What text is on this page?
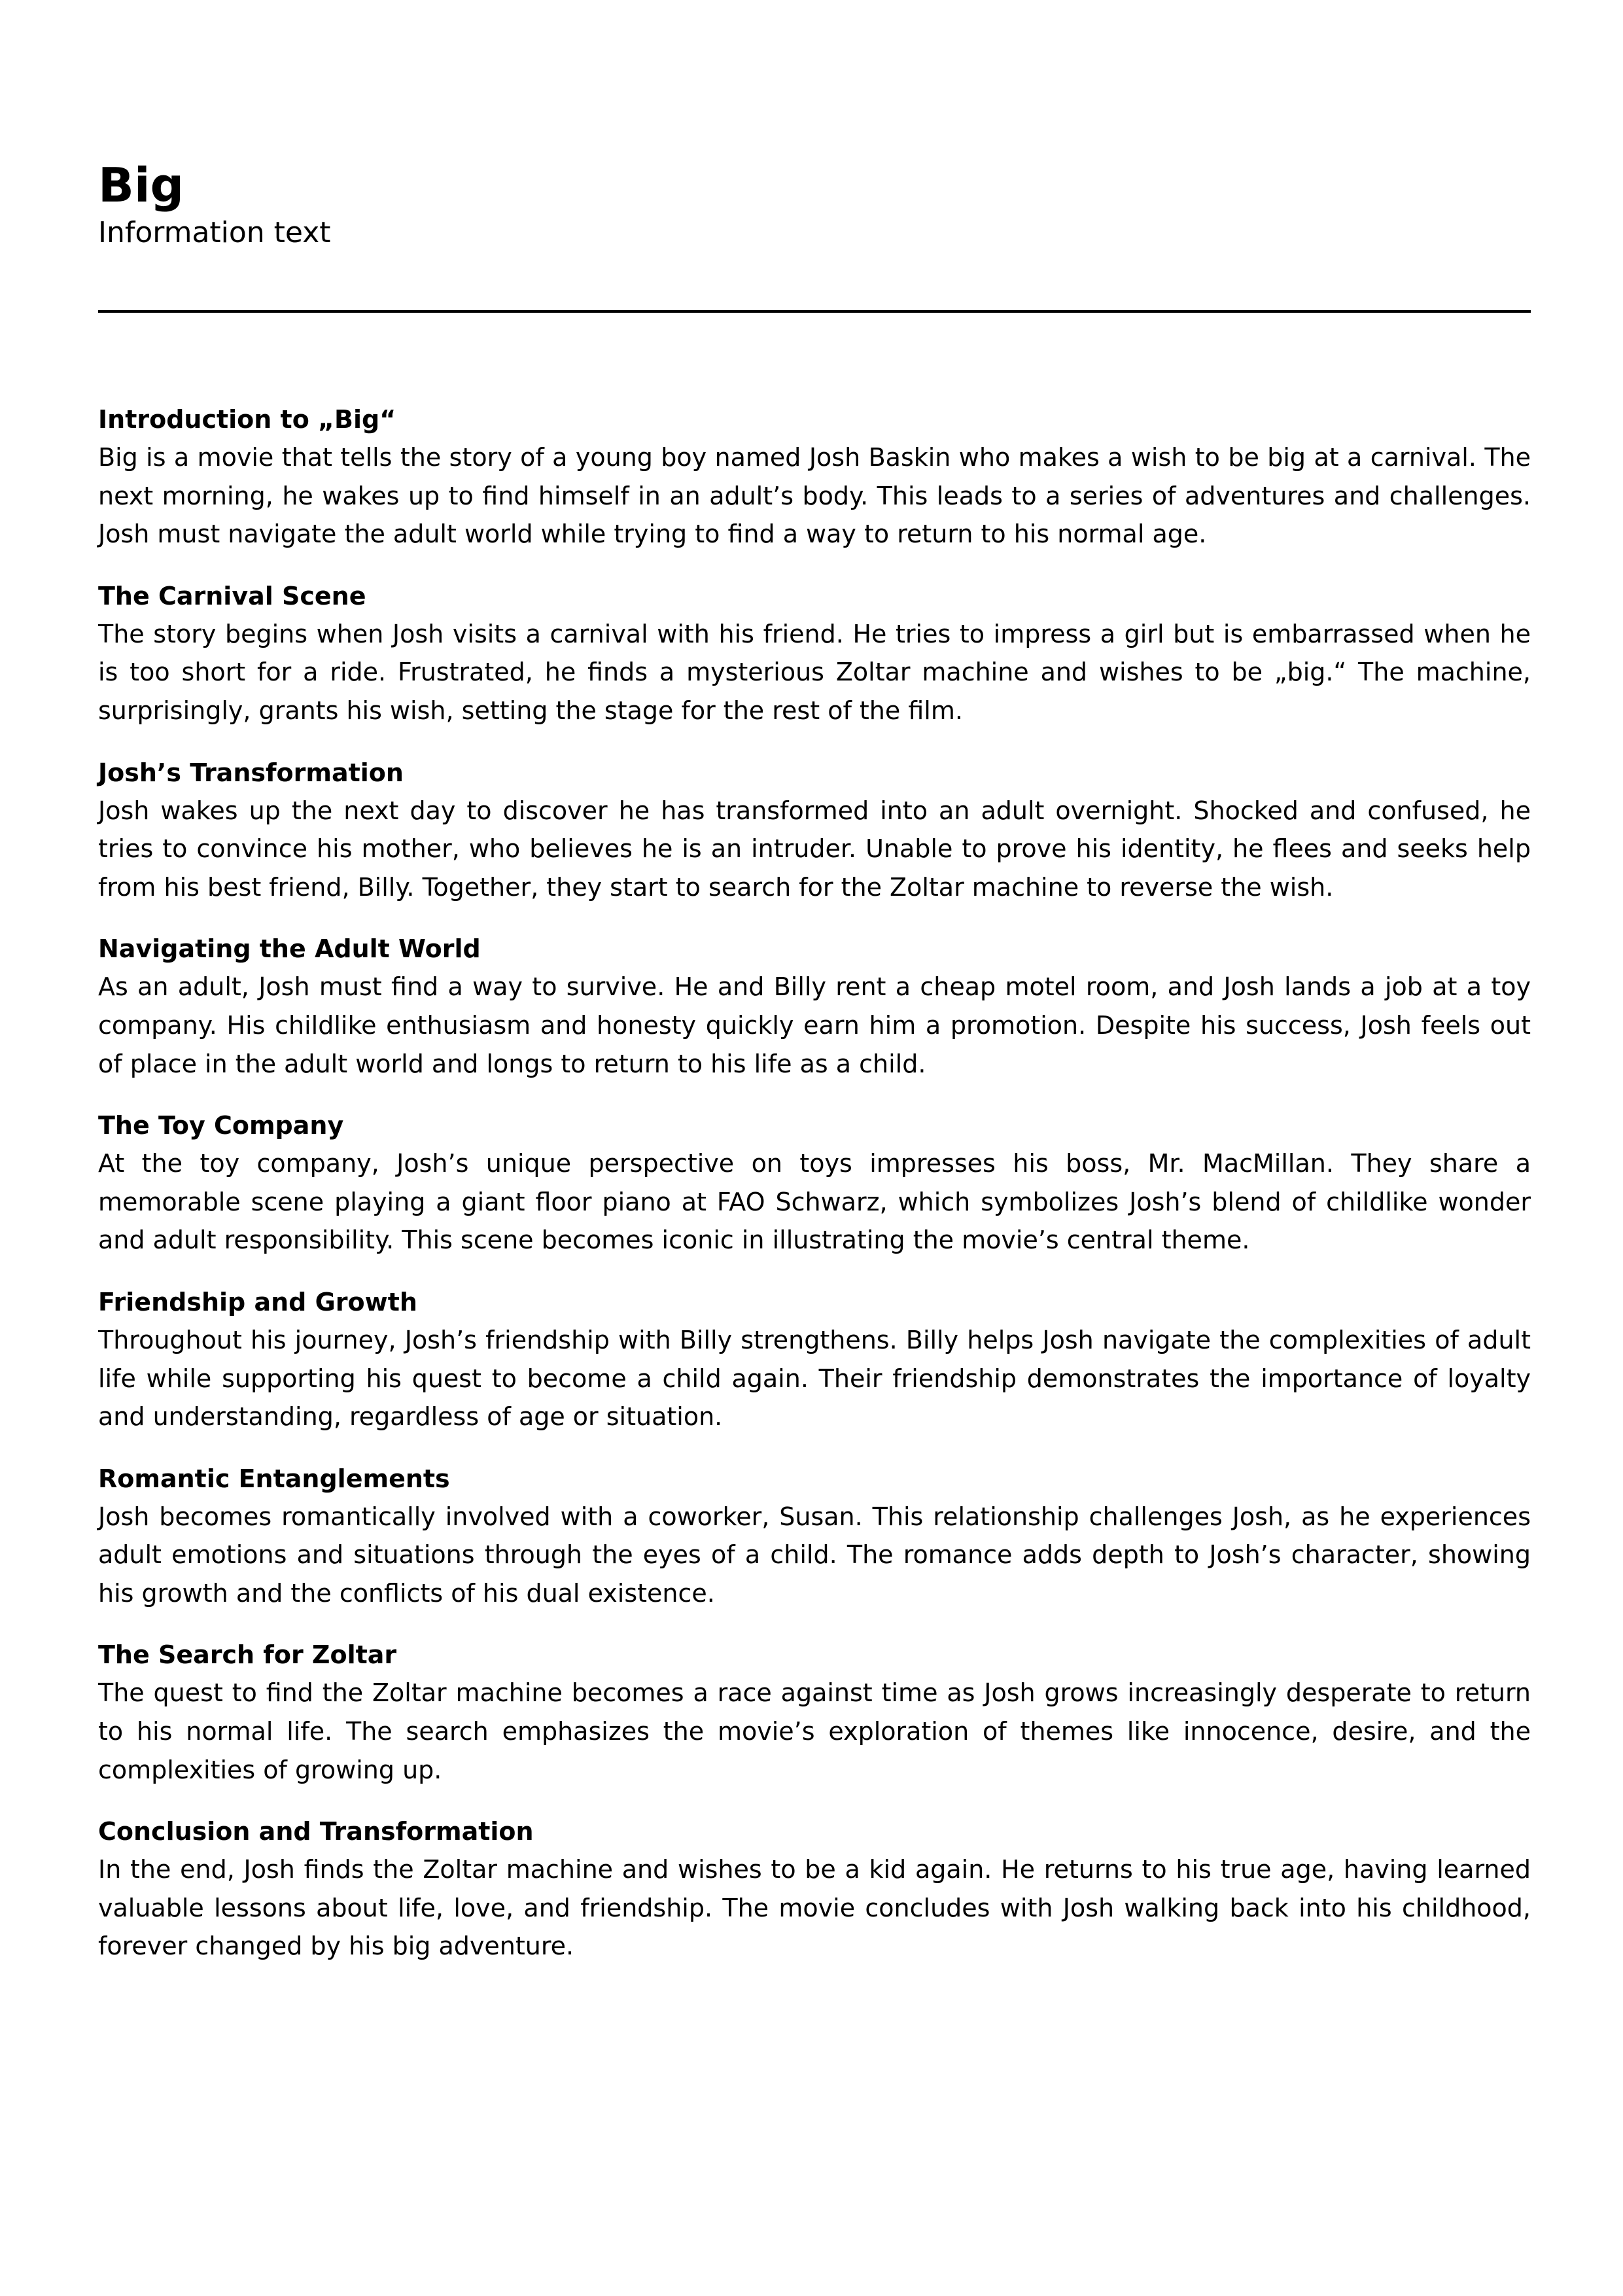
Big
Information text
Introduction to „Big“

Big is a movie that tells the story of a young boy named Josh Baskin who makes a wish to be big at a carnival. The next morning, he wakes up to find himself in an adult’s body. This leads to a series of adventures and challenges. Josh must navigate the adult world while trying to find a way to return to his normal age.

The Carnival Scene

The story begins when Josh visits a carnival with his friend. He tries to impress a girl but is embarrassed when he is too short for a ride. Frustrated, he finds a mysterious Zoltar machine and wishes to be „big.“ The machine, surprisingly, grants his wish, setting the stage for the rest of the film.

Josh’s Transformation

Josh wakes up the next day to discover he has transformed into an adult overnight. Shocked and confused, he tries to convince his mother, who believes he is an intruder. Unable to prove his identity, he flees and seeks help from his best friend, Billy. Together, they start to search for the Zoltar machine to reverse the wish.

Navigating the Adult World

As an adult, Josh must find a way to survive. He and Billy rent a cheap motel room, and Josh lands a job at a toy company. His childlike enthusiasm and honesty quickly earn him a promotion. Despite his success, Josh feels out of place in the adult world and longs to return to his life as a child.

The Toy Company

At the toy company, Josh’s unique perspective on toys impresses his boss, Mr. MacMillan. They share a memorable scene playing a giant floor piano at FAO Schwarz, which symbolizes Josh’s blend of childlike wonder and adult responsibility. This scene becomes iconic in illustrating the movie’s central theme.

Friendship and Growth

Throughout his journey, Josh’s friendship with Billy strengthens. Billy helps Josh navigate the complexities of adult life while supporting his quest to become a child again. Their friendship demonstrates the importance of loyalty and understanding, regardless of age or situation.

Romantic Entanglements

Josh becomes romantically involved with a coworker, Susan. This relationship challenges Josh, as he experiences adult emotions and situations through the eyes of a child. The romance adds depth to Josh’s character, showing his growth and the conflicts of his dual existence.

The Search for Zoltar

The quest to find the Zoltar machine becomes a race against time as Josh grows increasingly desperate to return to his normal life. The search emphasizes the movie’s exploration of themes like innocence, desire, and the complexities of growing up.

Conclusion and Transformation

In the end, Josh finds the Zoltar machine and wishes to be a kid again. He returns to his true age, having learned valuable lessons about life, love, and friendship. The movie concludes with Josh walking back into his childhood, forever changed by his big adventure.
